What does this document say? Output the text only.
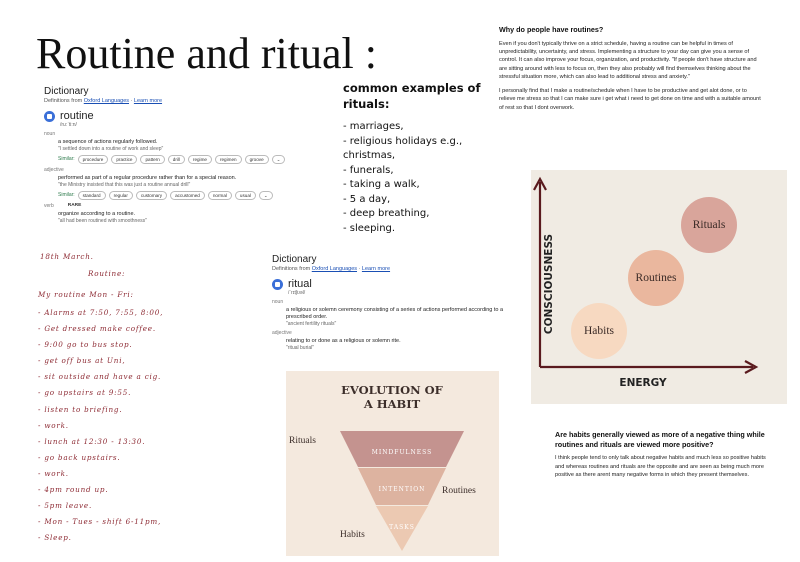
Routine and ritual :
Dictionary
Definitions from Oxford Languages · Learn more
routine
/ru:ˈti:n/
noun
a sequence of actions regularly followed.
"I settled down into a routine of work and sleep"
Similar:	procedure	practice	pattern	drill	regime	regimen	groove	⌄
adjective
performed as part of a regular procedure rather than for a special reason.
"the Ministry insisted that this was just a routine annual drill"
Similar:	standard	regular	customary	accustomed	normal	usual	⌄
verb	RARE
organize according to a routine.
"all had been routined with smoothness"
common examples of rituals:
- marriages,
- religious holidays e.g., christmas,
- funerals,
- taking a walk,
- 5 a day,
- deep breathing,
- sleeping.
18th March.
Routine:
My routine Mon - Fri:
- Alarms at 7:50, 7:55, 8:00,
- Get dressed make coffee.
- 9:00 go to bus stop.
- get off bus at Uni,
- sit outside and have a cig.
- go upstairs at 9:55.
- listen to briefing.
- work.
- lunch at 12:30 - 13:30.
- go back upstairs.
- work.
- 4pm round up.
- 5pm leave.
- Mon - Tues - shift 6-11pm,
- Sleep.
Dictionary
Definitions from Oxford Languages · Learn more
ritual
/ˈrɪtʃʊəl/
noun
a religious or solemn ceremony consisting of a series of actions performed according to a prescribed order.
"ancient fertility rituals"
adjective
relating to or done as a religious or solemn rite.
"ritual burial"
EVOLUTION OF
A HABIT
MINDFULNESS
INTENTION
TASKS
Rituals
Routines
Habits
Why do people have routines?

Even if you don't typically thrive on a strict schedule, having a routine can be helpful in times of unpredictability, uncertainty, and stress. Implementing a structure to your day can give you a sense of control. It can also improve your focus, organization, and productivity. "If people don't have structure and are sitting around with less to focus on, then they also probably will find themselves thinking about the stressful situation more, which can also lead to additional stress and anxiety."

I personally find that I make a routine/schedule when I have to be productive and get alot done, or to relieve me stress so that I can make sure i get what i need to get done on time and with a suitable amount of rest so that I dont overwork.

ENERGY
CONSCIOUSNESS	Habits
Routines
Rituals
Are habits generally viewed as more of a negative thing while routines and rituals are viewed more positive?

I think people tend to only talk about negative habits and much less so positive habits and whereas routines and rituals are the opposite and are seen as being much more positive as there arent many negative forms in which they present themselves.
